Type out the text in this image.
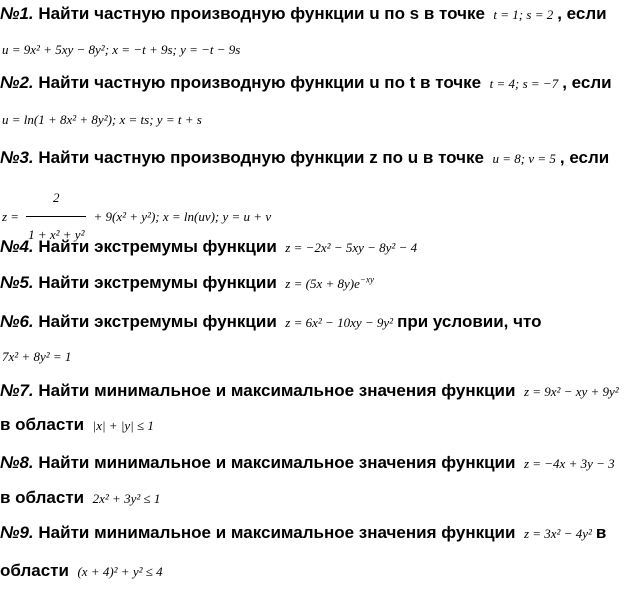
№1. Найти частную производную функции u по s в точке t = 1; s = 2 , если
u = 9x² + 5xy − 8y²; x = −t + 9s; y = −t − 9s
№2. Найти частную производную функции u по t в точке t = 4; s = −7 , если
u = ln(1 + 8x² + 8y²); x = ts; y = t + s
№3. Найти частную производную функции z по u в точке u = 8; v = 5 , если
$z = \frac{2}{\text{1 + x² + y²}} + 9(x^2 + y^2)$; x = ln(uv); y = u + v
№4. Найти экстремумы функции z = −2x² − 5xy − 8y² − 4
№5. Найти экстремумы функции $z = (5x + 8y)e^{-xy}$
№6. Найти экстремумы функции z = 6x² − 10xy − 9y² при условии, что
7x² + 8y² = 1
№7. Найти минимальное и максимальное значения функции z = 9x² − xy + 9y²
в области |x| + |y| ≤ 1
№8. Найти минимальное и максимальное значения функции z = −4x + 3y − 3
в области 2x² + 3y² ≤ 1
№9. Найти минимальное и максимальное значения функции z = 3x² − 4y² в
области (x + 4)² + y² ≤ 4
